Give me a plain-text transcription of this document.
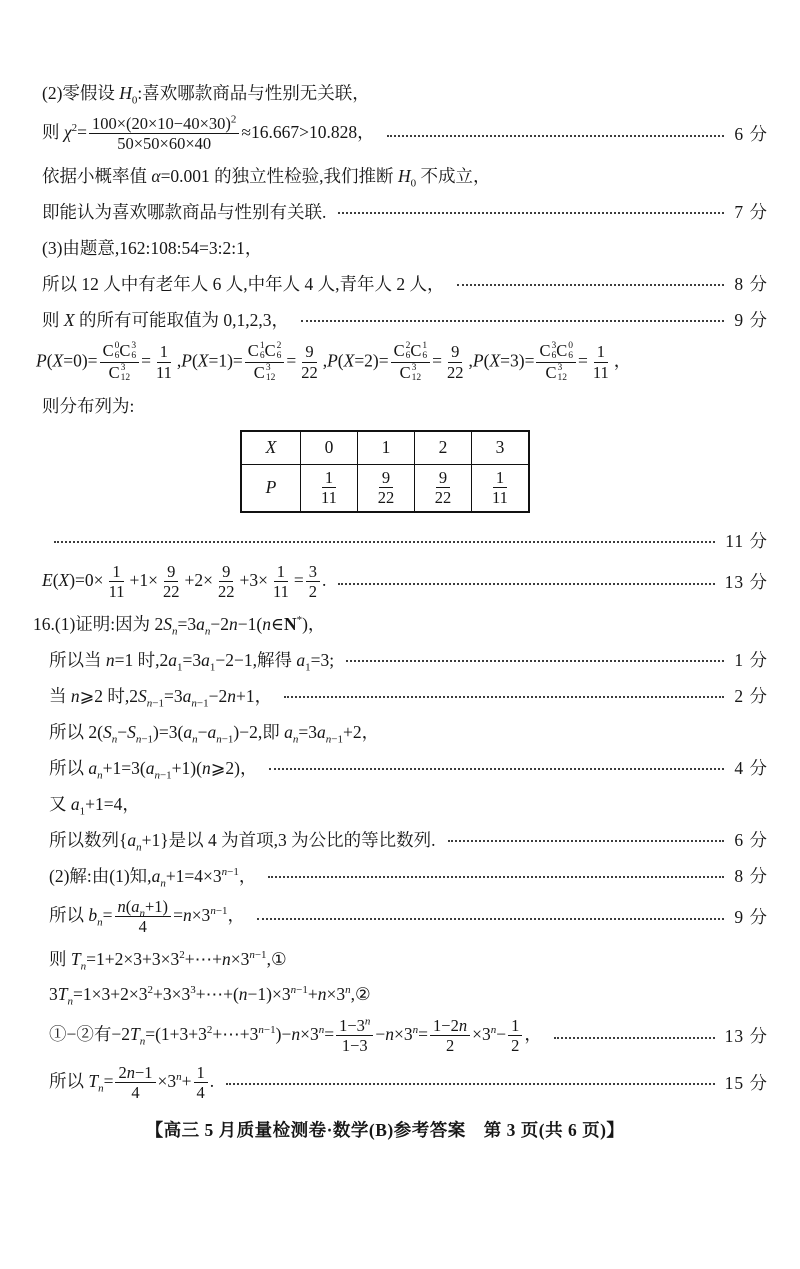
(2)零假设 $H_0$:喜欢哪款商品与性别无关联，
则 $\chi^2= \frac{100\times(20\times 10-40\times 30)^2}{50\times 50\times 60\times 40} \approx 16.667>10.828$，	6 分
依据小概率值 α=0.001 的独立性检验,我们推断 $H_0$ 不成立，
即能认为喜欢哪款商品与性别有关联.	7 分
(3)由题意,162:108:54=3:2:1，
所以 12 人中有老年人 6 人,中年人 4 人,青年人 2 人，	8 分
则 X 的所有可能取值为 0,1,2,3，	9 分
P(X=0)= C 0
6 C 3
6
C 3
$12 = \frac{1}{11} ,P(X=1)= C$ 1
6 C 2
6
C 3
$12 = \frac{9}{22} ,P(X=2)= C$ 2
6 C 1
6
C 3
$12 = \frac{9}{22} ,P(X=3)= C$ 3
6 C 0
6
C 3
$12 = \frac{1}{11}$ ，
则分布列为:
X	0	1	2	3
P	$\frac{1}{11}$	$\frac{9}{22}$	$\frac{9}{22}$	$\frac{1}{11}$
11 分
$E(X)=0\times \frac{1}{11} +1\times \frac{9}{22} +2\times \frac{9}{22} +3\times \frac{1}{11} = \frac{3}{2}$ .	13 分
16.(1)证明:因为 $2S_n=3a_n-2n-1(n\in N^*)$，
所以当 n=1 时$,2a_1=3a_1-2-1$,解得 $a_1=3$;	1 分
当 n⩾2 时$,2S_{n-1}=3a_{n-1}-2n+1$，	2 分
所以 $2(S_n-S_{n-1})=3(a_n-a_{n-1})-2$,即 $a_n=3a_{n-1}+2$，
所以 $a_n+1=3(a_{n-1}+1)(n⩾2)$，	4 分
又 $a_1+1=4$，
所以数列$\{a_n+1\}$是以 4 为首项,3 为公比的等比数列.	6 分
(2)解:由(1)知$,a_n+1=4\times 3^{n-1}$，	8 分
所以 $b_n= \frac{n(a_n+1)}{4} =n\times 3^{n-1}$，	9 分
则 $T_n=1+2\times 3+3\times 3^2+\cdots+n\times 3^{n-1},①$
$3T_n=1\times 3+2\times 3^2+3\times 3^3+\cdots+(n-1)\times 3^{n-1}+n\times 3^n,②$
①−②有$-2T_n=(1+3+3^2+\cdots+3^{n-1})-n\times 3^n= \frac{1-3^n}{1-3} -n\times 3^n= \frac{1-2n}{2} \times 3^n- \frac{1}{2}$ ，	13 分
所以 $T_n= \frac{2n-1}{4} \times 3^n+ \frac{1}{4}$ .	15 分
【高三 5 月质量检测卷·数学(B)参考答案　第 3 页(共 6 页)】
